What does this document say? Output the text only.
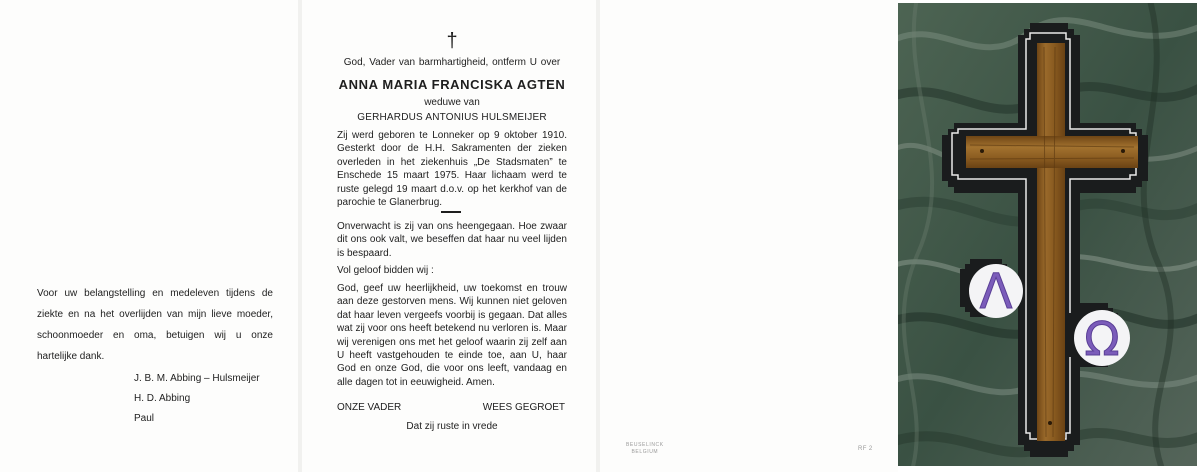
Voor uw belangstelling en medeleven tijdens de ziekte en na het overlijden van mijn lieve moeder, schoonmoeder en oma, betuigen wij u onze hartelijke dank.
J. B. M. Abbing – Hulsmeijer
H. D. Abbing
Paul
†
God, Vader van barmhartigheid, ontferm U over
ANNA MARIA FRANCISKA AGTEN
weduwe van
GERHARDUS ANTONIUS HULSMEIJER
Zij werd geboren te Lonneker op 9 oktober 1910. Gesterkt door de H.H. Sakramenten der zieken overleden in het ziekenhuis „De Stadsmaten” te Enschede 15 maart 1975. Haar lichaam werd te ruste gelegd 19 maart d.o.v. op het kerkhof van de parochie te Glanerbrug.
Onverwacht is zij van ons heengegaan. Hoe zwaar dit ons ook valt, we beseffen dat haar nu veel lijden is bespaard.
Vol geloof bidden wij :
God, geef uw heerlijkheid, uw toekomst en trouw aan deze gestorven mens. Wij kunnen niet geloven dat haar leven vergeefs voorbij is gegaan. Dat alles wat zij voor ons heeft betekend nu verloren is. Maar wij verenigen ons met het geloof waarin zij zelf aan U heeft vastgehouden te einde toe, aan U, haar God en onze God, die voor ons leeft, vandaag en alle dagen tot in eeuwigheid. Amen.
ONZE VADER	WEES GEGROET
Dat zij ruste in vrede
BEUSELINCK
BELGIUM	RF 2
Λ
Ω
